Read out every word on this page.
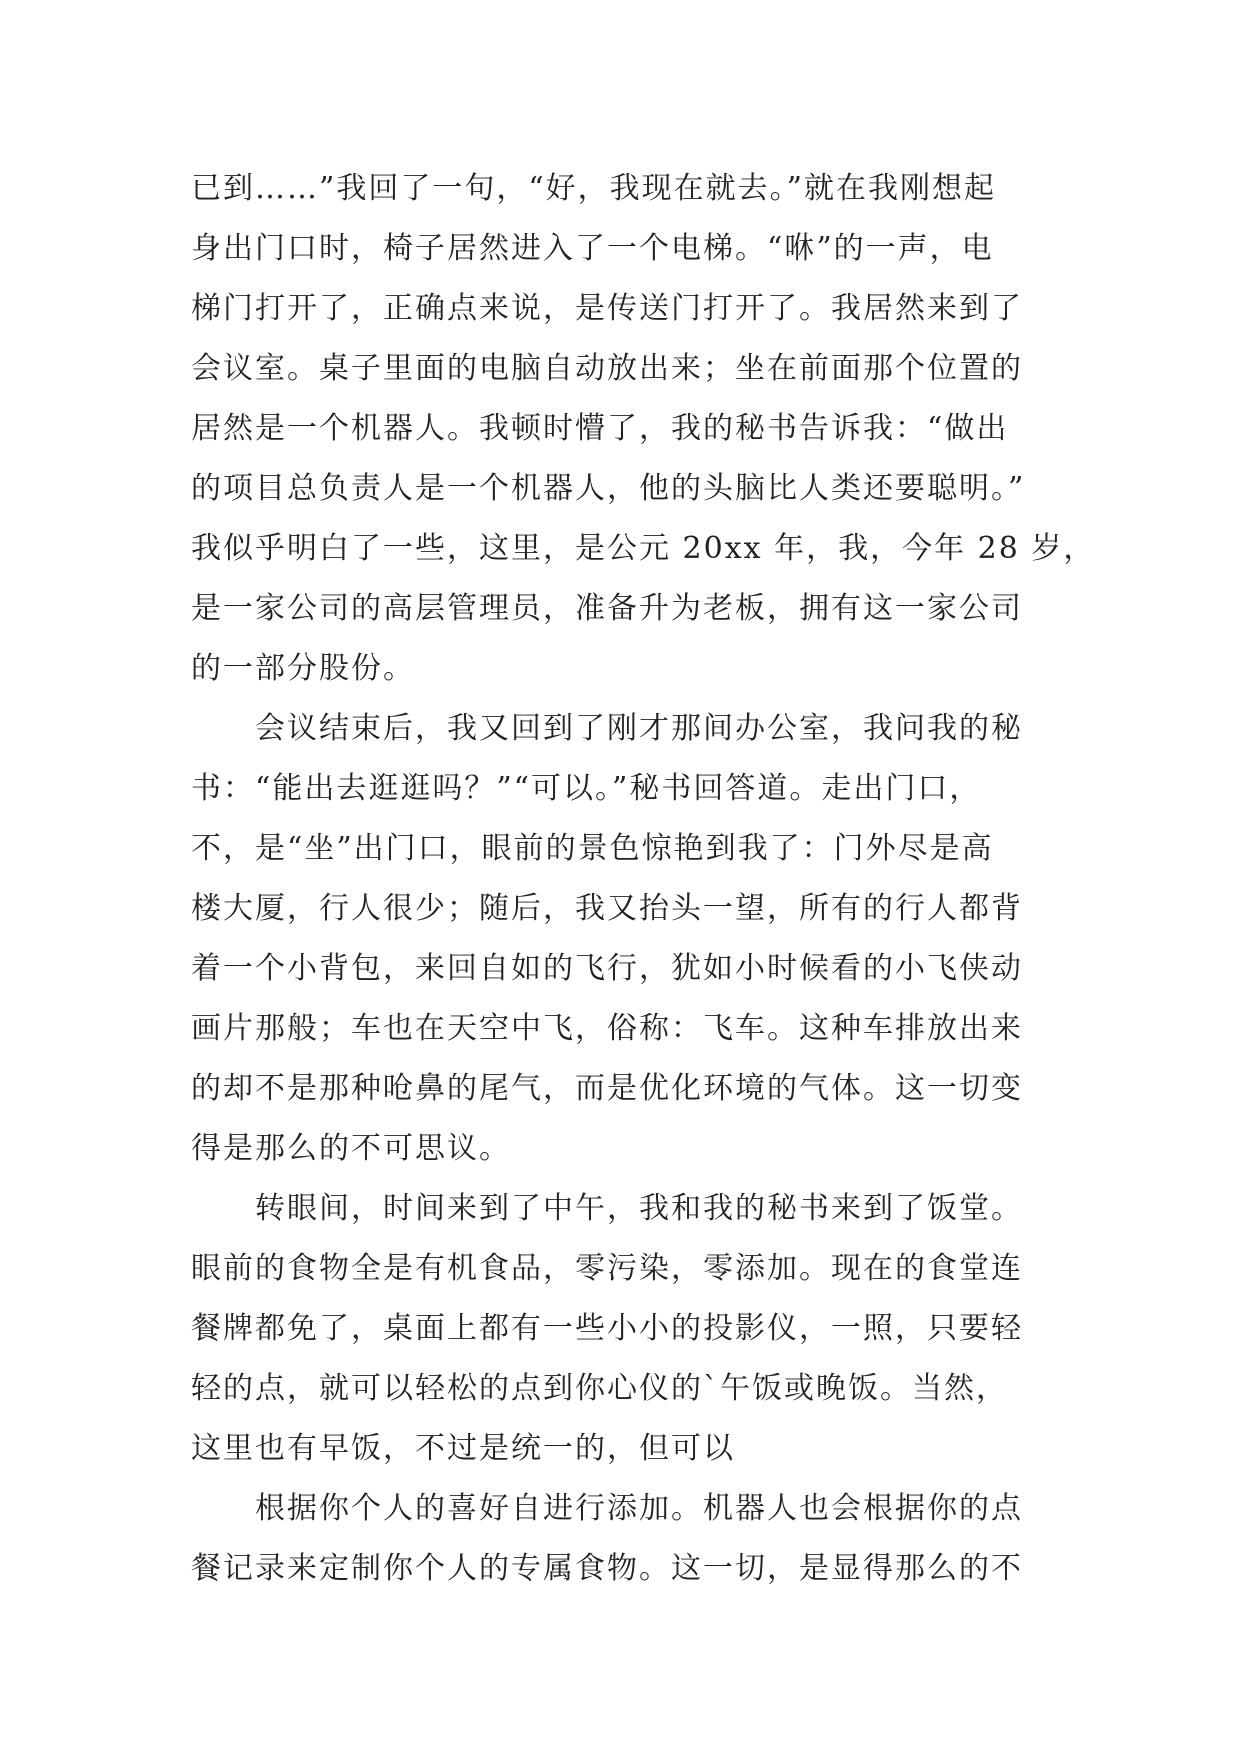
已到……”我回了一句，“好，我现在就去。”就在我刚想起
身出门口时，椅子居然进入了一个电梯。“咻”的一声，电
梯门打开了，正确点来说，是传送门打开了。我居然来到了
会议室。桌子里面的电脑自动放出来；坐在前面那个位置的
居然是一个机器人。我顿时懵了，我的秘书告诉我：“做出
的项目总负责人是一个机器人，他的头脑比人类还要聪明。”
我似乎明白了一些，这里，是公元 20xx 年，我，今年 28 岁，
是一家公司的高层管理员，准备升为老板，拥有这一家公司
的一部分股份。
会议结束后，我又回到了刚才那间办公室，我问我的秘
书：“能出去逛逛吗？”“可以。”秘书回答道。走出门口，
不，是“坐”出门口，眼前的景色惊艳到我了：门外尽是高
楼大厦，行人很少；随后，我又抬头一望，所有的行人都背
着一个小背包，来回自如的飞行，犹如小时候看的小飞侠动
画片那般；车也在天空中飞，俗称：飞车。这种车排放出来
的却不是那种呛鼻的尾气，而是优化环境的气体。这一切变
得是那么的不可思议。
转眼间，时间来到了中午，我和我的秘书来到了饭堂。
眼前的食物全是有机食品，零污染，零添加。现在的食堂连
餐牌都免了，桌面上都有一些小小的投影仪，一照，只要轻
轻的点，就可以轻松的点到你心仪的`午饭或晚饭。当然，
这里也有早饭，不过是统一的，但可以
根据你个人的喜好自进行添加。机器人也会根据你的点
餐记录来定制你个人的专属食物。这一切，是显得那么的不
